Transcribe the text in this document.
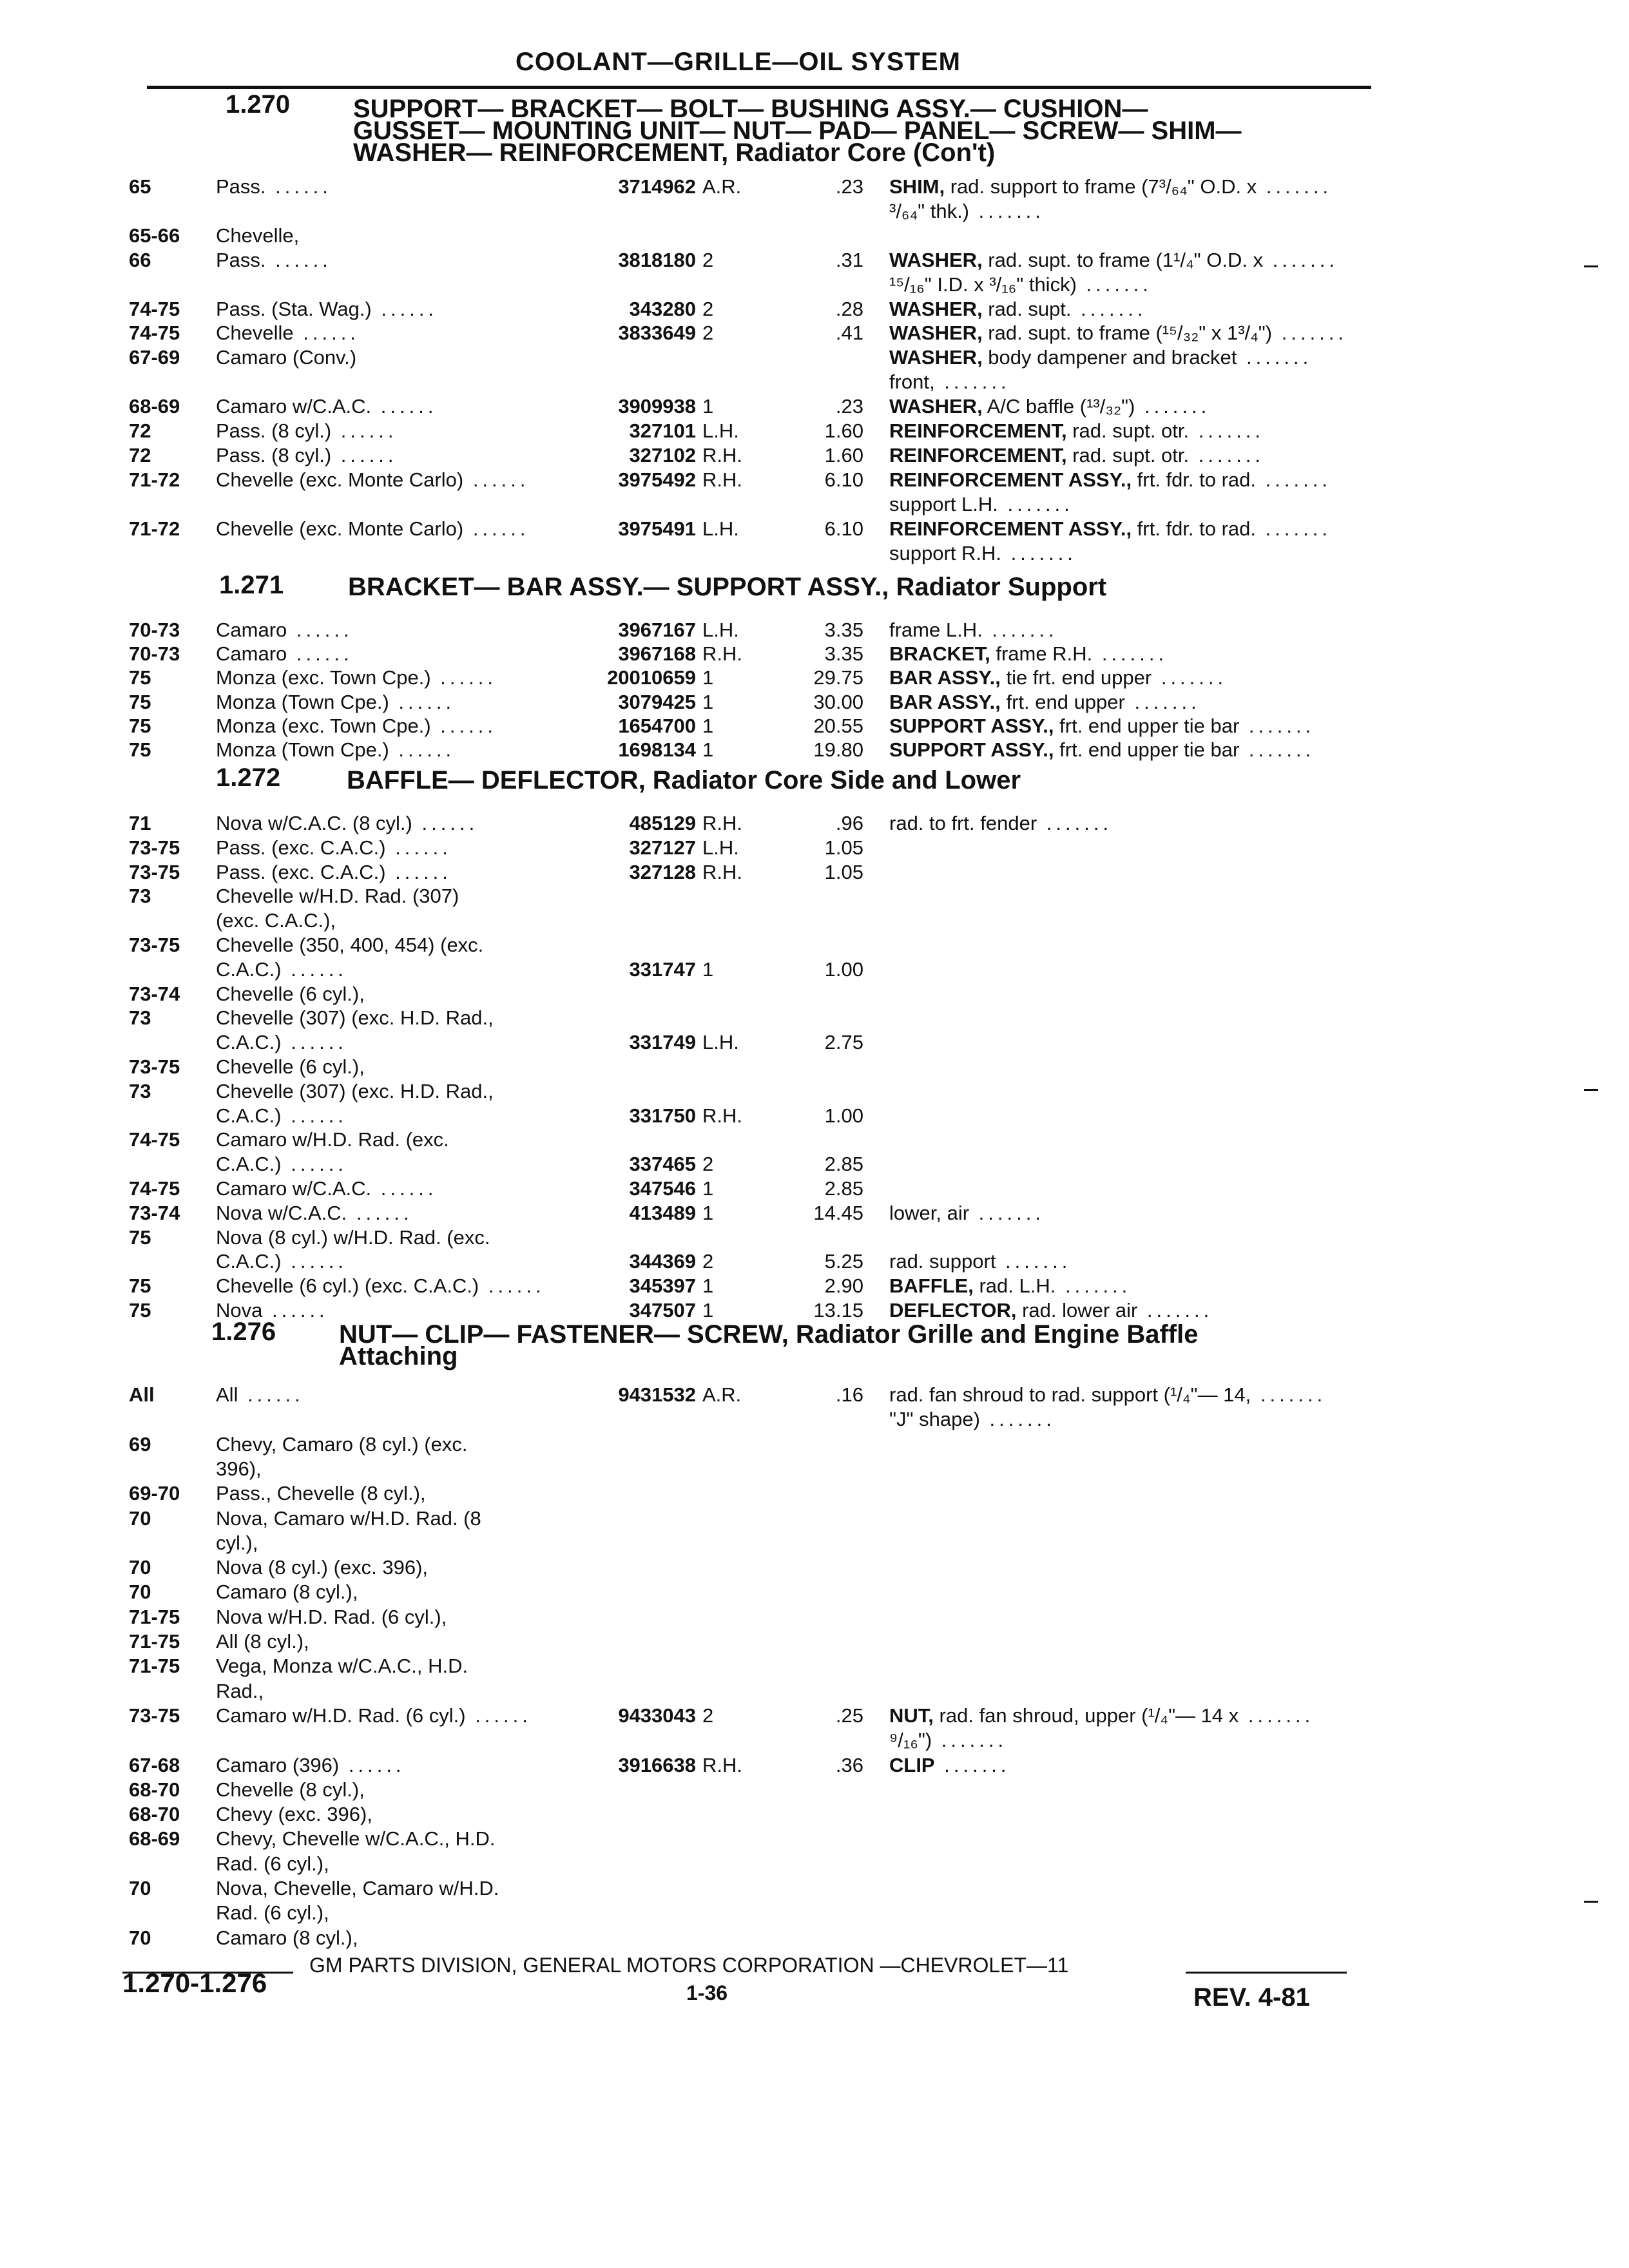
COOLANT—GRILLE—OIL SYSTEM
1.270 SUPPORT— BRACKET— BOLT— BUSHING ASSY.— CUSHION—
GUSSET— MOUNTING UNIT— NUT— PAD— PANEL— SCREW— SHIM—
WASHER— REINFORCEMENT, Radiator Core (Con't)
65	Pass. ......	3714962 A.R.	.23 SHIM, rad. support to frame (7³/₆₄" O.D. x .......
³/₆₄" thk.) .......
65-66 Chevelle,
66	Pass. ......	3818180 2	.31 WASHER, rad. supt. to frame (1¹/₄" O.D. x .......
¹⁵/₁₆" I.D. x ³/₁₆" thick) .......
74-75 Pass. (Sta. Wag.) ......	343280 2	.28 WASHER, rad. supt. .......
74-75 Chevelle ......	3833649 2	.41 WASHER, rad. supt. to frame (¹⁵/₃₂" x 1³/₄") .......
67-69 Camaro (Conv.)	WASHER, body dampener and bracket .......
front, .......
68-69 Camaro w/C.A.C. ......	3909938 1	.23 WASHER, A/C baffle (¹³/₃₂") .......
72	Pass. (8 cyl.) ......	327101 L.H.	1.60 REINFORCEMENT, rad. supt. otr. .......
72	Pass. (8 cyl.) ......	327102 R.H.	1.60 REINFORCEMENT, rad. supt. otr. .......
71-72 Chevelle (exc. Monte Carlo) ......	3975492 R.H.	6.10 REINFORCEMENT ASSY., frt. fdr. to rad. .......
support L.H. .......
71-72 Chevelle (exc. Monte Carlo) ......	3975491 L.H.	6.10 REINFORCEMENT ASSY., frt. fdr. to rad. .......
support R.H. .......
1.271 BRACKET— BAR ASSY.— SUPPORT ASSY., Radiator Support
70-73 Camaro ......	3967167 L.H.	3.35 frame L.H. .......
70-73 Camaro ......	3967168 R.H.	3.35 BRACKET, frame R.H. .......
75	Monza (exc. Town Cpe.) ......	20010659 1	29.75 BAR ASSY., tie frt. end upper .......
75	Monza (Town Cpe.) ......	3079425 1	30.00 BAR ASSY., frt. end upper .......
75	Monza (exc. Town Cpe.) ......	1654700 1	20.55 SUPPORT ASSY., frt. end upper tie bar .......
75	Monza (Town Cpe.) ......	1698134 1	19.80 SUPPORT ASSY., frt. end upper tie bar .......
1.272	BAFFLE— DEFLECTOR, Radiator Core Side and Lower
71	Nova w/C.A.C. (8 cyl.) ......	485129 R.H.	.96 rad. to frt. fender .......
73-75 Pass. (exc. C.A.C.) ......	327127 L.H.	1.05
73-75 Pass. (exc. C.A.C.) ......	327128 R.H.	1.05
73	Chevelle w/H.D. Rad. (307)
(exc. C.A.C.),
73-75 Chevelle (350, 400, 454) (exc.
C.A.C.) ......	331747 1	1.00
73-74 Chevelle (6 cyl.),
73	Chevelle (307) (exc. H.D. Rad.,
C.A.C.) ......	331749 L.H.	2.75
73-75 Chevelle (6 cyl.),
73	Chevelle (307) (exc. H.D. Rad.,
C.A.C.) ......	331750 R.H.	1.00
74-75 Camaro w/H.D. Rad. (exc.
C.A.C.) ......	337465 2	2.85
74-75 Camaro w/C.A.C. ......	347546 1	2.85
73-74 Nova w/C.A.C. ......	413489 1	14.45 lower, air .......
75	Nova (8 cyl.) w/H.D. Rad. (exc.
C.A.C.) ......	344369 2	5.25 rad. support .......
75	Chevelle (6 cyl.) (exc. C.A.C.) ......	345397 1	2.90 BAFFLE, rad. L.H. .......
75	Nova ......	347507 1	13.15 DEFLECTOR, rad. lower air .......
1.276 NUT— CLIP— FASTENER— SCREW, Radiator Grille and Engine Baffle
Attaching
All	All ......	9431532 A.R.	.16 rad. fan shroud to rad. support (¹/₄"— 14, .......
"J" shape) .......
69	Chevy, Camaro (8 cyl.) (exc.
396),
69-70 Pass., Chevelle (8 cyl.),
70	Nova, Camaro w/H.D. Rad. (8
cyl.),
70	Nova (8 cyl.) (exc. 396),
70	Camaro (8 cyl.),
71-75 Nova w/H.D. Rad. (6 cyl.),
71-75 All (8 cyl.),
71-75 Vega, Monza w/C.A.C., H.D.
Rad.,
73-75 Camaro w/H.D. Rad. (6 cyl.) ......	9433043 2	.25 NUT, rad. fan shroud, upper (¹/₄"— 14 x .......
⁹/₁₆") .......
67-68 Camaro (396) ......	3916638 R.H.	.36 CLIP .......
68-70 Chevelle (8 cyl.),
68-70 Chevy (exc. 396),
68-69 Chevy, Chevelle w/C.A.C., H.D.
Rad. (6 cyl.),
70	Nova, Chevelle, Camaro w/H.D.
Rad. (6 cyl.),
70	Camaro (8 cyl.),
GM PARTS DIVISION, GENERAL MOTORS CORPORATION —CHEVROLET—11
1.270-1.276	1-36	REV. 4-81
